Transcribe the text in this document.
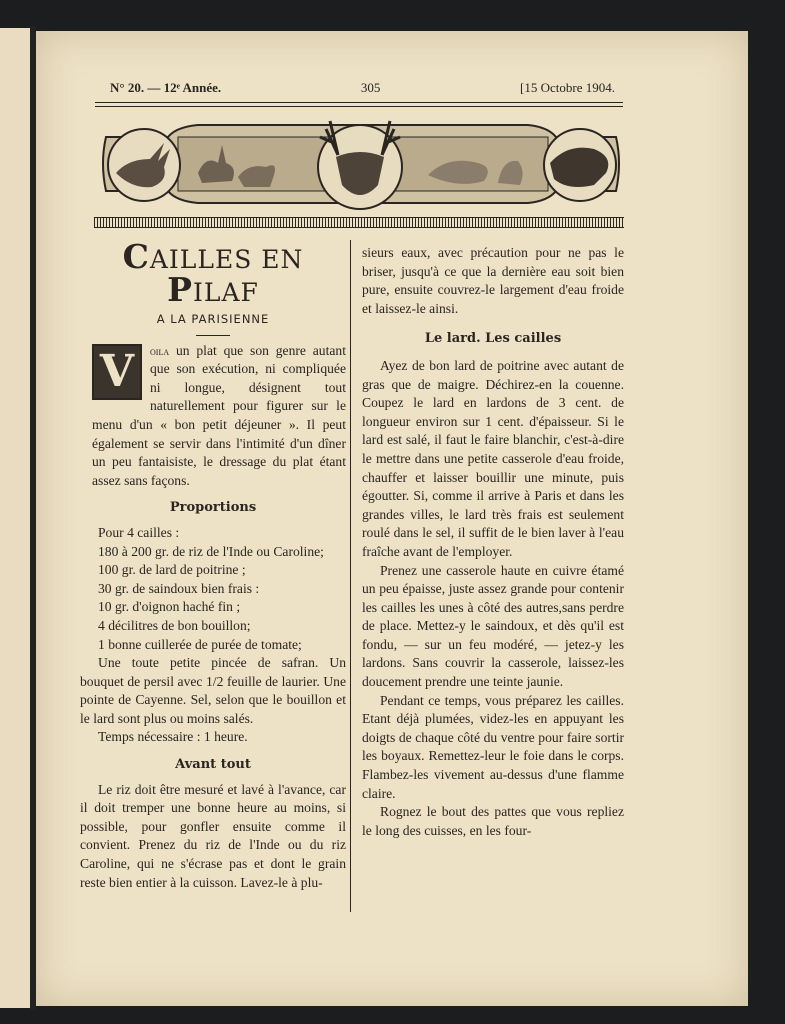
N° 20. — 12ᵉ Année.	305	[15 Octobre 1904.
CAILLES EN PILAF
A LA PARISIENNE

V	oila un plat que son genre autant que son exécution, ni compliquée ni longue, désignent tout naturellement pour figurer sur le menu d'un « bon petit déjeuner ». Il peut également se servir dans l'intimité d'un dîner un peu fantaisiste, le dressage du plat étant assez sans façons.

Proportions

Pour 4 cailles :

180 à 200 gr. de riz de l'Inde ou Caroline;

100 gr. de lard de poitrine ;

30 gr. de saindoux bien frais :

10 gr. d'oignon haché fin ;

4 décilitres de bon bouillon;

1 bonne cuillerée de purée de tomate;

Une toute petite pincée de safran. Un bouquet de persil avec 1/2 feuille de laurier. Une pointe de Cayenne. Sel, selon que le bouillon et le lard sont plus ou moins salés.

Temps nécessaire : 1 heure.

Avant tout

Le riz doit être mesuré et lavé à l'avance, car il doit tremper une bonne heure au moins, si possible, pour gonfler ensuite comme il convient. Prenez du riz de l'Inde ou du riz Caroline, qui ne s'écrase pas et dont le grain reste bien entier à la cuisson. Lavez-le à plu-

sieurs eaux, avec précaution pour ne pas le briser, jusqu'à ce que la dernière eau soit bien pure, ensuite couvrez-le largement d'eau froide et laissez-le ainsi.

Le lard. Les cailles

Ayez de bon lard de poitrine avec autant de gras que de maigre. Déchirez-en la couenne. Coupez le lard en lardons de 3 cent. de longueur environ sur 1 cent. d'épaisseur. Si le lard est salé, il faut le faire blanchir, c'est-à-dire le mettre dans une petite casserole d'eau froide, chauffer et laisser bouillir une minute, puis égoutter. Si, comme il arrive à Paris et dans les grandes villes, le lard très frais est seulement roulé dans le sel, il suffit de le bien laver à l'eau fraîche avant de l'employer.

Prenez une casserole haute en cuivre étamé un peu épaisse, juste assez grande pour contenir les cailles les unes à côté des autres,sans perdre de place. Mettez-y le saindoux, et dès qu'il est fondu, — sur un feu modéré, — jetez-y les lardons. Sans couvrir la casserole, laissez-les doucement prendre une teinte jaunie.

Pendant ce temps, vous préparez les cailles. Etant déjà plumées, videz-les en appuyant les doigts de chaque côté du ventre pour faire sortir les boyaux. Remettez-leur le foie dans le corps. Flambez-les vivement au-dessus d'une flamme claire.

Rognez le bout des pattes que vous repliez le long des cuisses, en les four-
